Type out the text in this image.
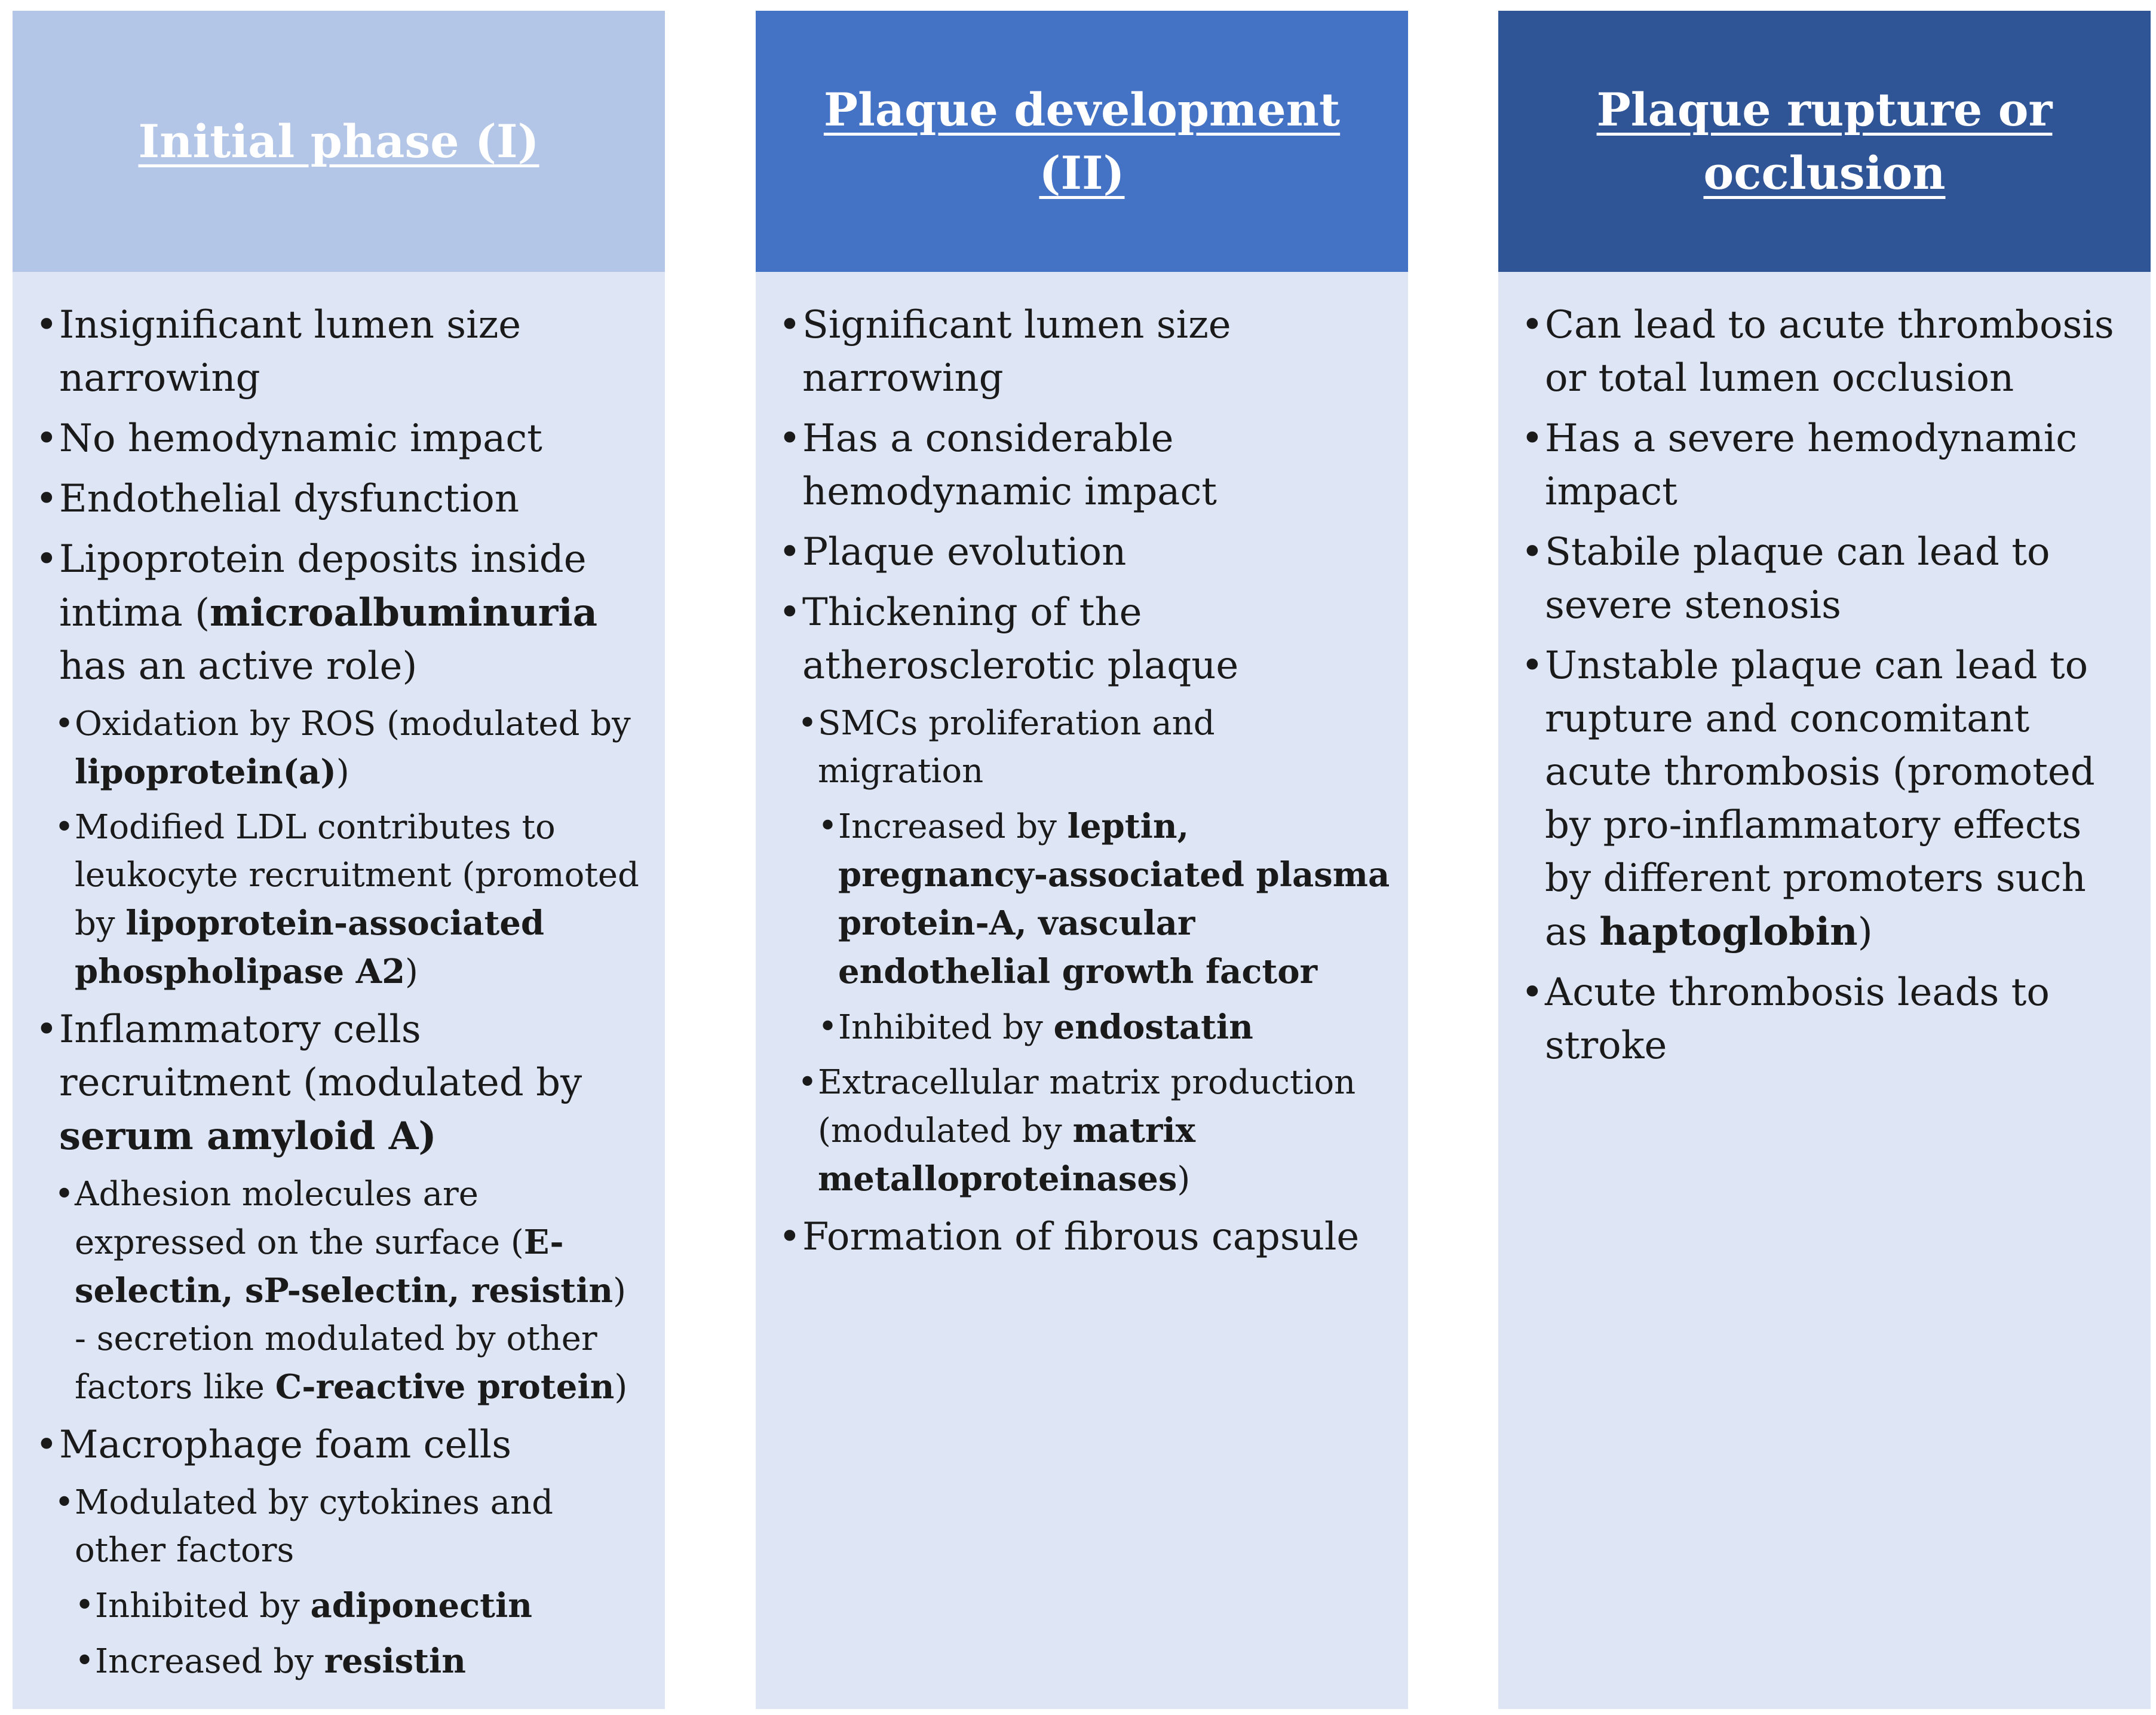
Initial phase (I)
• Insignificant lumen size narrowing
• No hemodynamic impact
• Endothelial dysfunction
• Lipoprotein deposits inside intima (microalbuminuria has an active role)
• Oxidation by ROS (modulated by lipoprotein(a))
• Modified LDL contributes to leukocyte recruitment (promoted by lipoprotein-associated phospholipase A2)
• Inflammatory cells recruitment (modulated by serum amyloid A)
• Adhesion molecules are expressed on the surface (E-selectin, sP-selectin, resistin) - secretion modulated by other factors like C-reactive protein)
• Macrophage foam cells
• Modulated by cytokines and other factors
• Inhibited by adiponectin
• Increased by resistin
Plaque development (II)
• Significant lumen size narrowing
• Has a considerable hemodynamic impact
• Plaque evolution
• Thickening of the atherosclerotic plaque
• SMCs proliferation and migration
• Increased by leptin, pregnancy-associated plasma protein-A, vascular endothelial growth factor
• Inhibited by endostatin
• Extracellular matrix production (modulated by matrix metalloproteinases)
• Formation of fibrous capsule
Plaque rupture or occlusion
• Can lead to acute thrombosis or total lumen occlusion
• Has a severe hemodynamic impact
• Stabile plaque can lead to severe stenosis
• Unstable plaque can lead to rupture and concomitant acute thrombosis (promoted by pro-inflammatory effects by different promoters such as haptoglobin)
• Acute thrombosis leads to stroke
